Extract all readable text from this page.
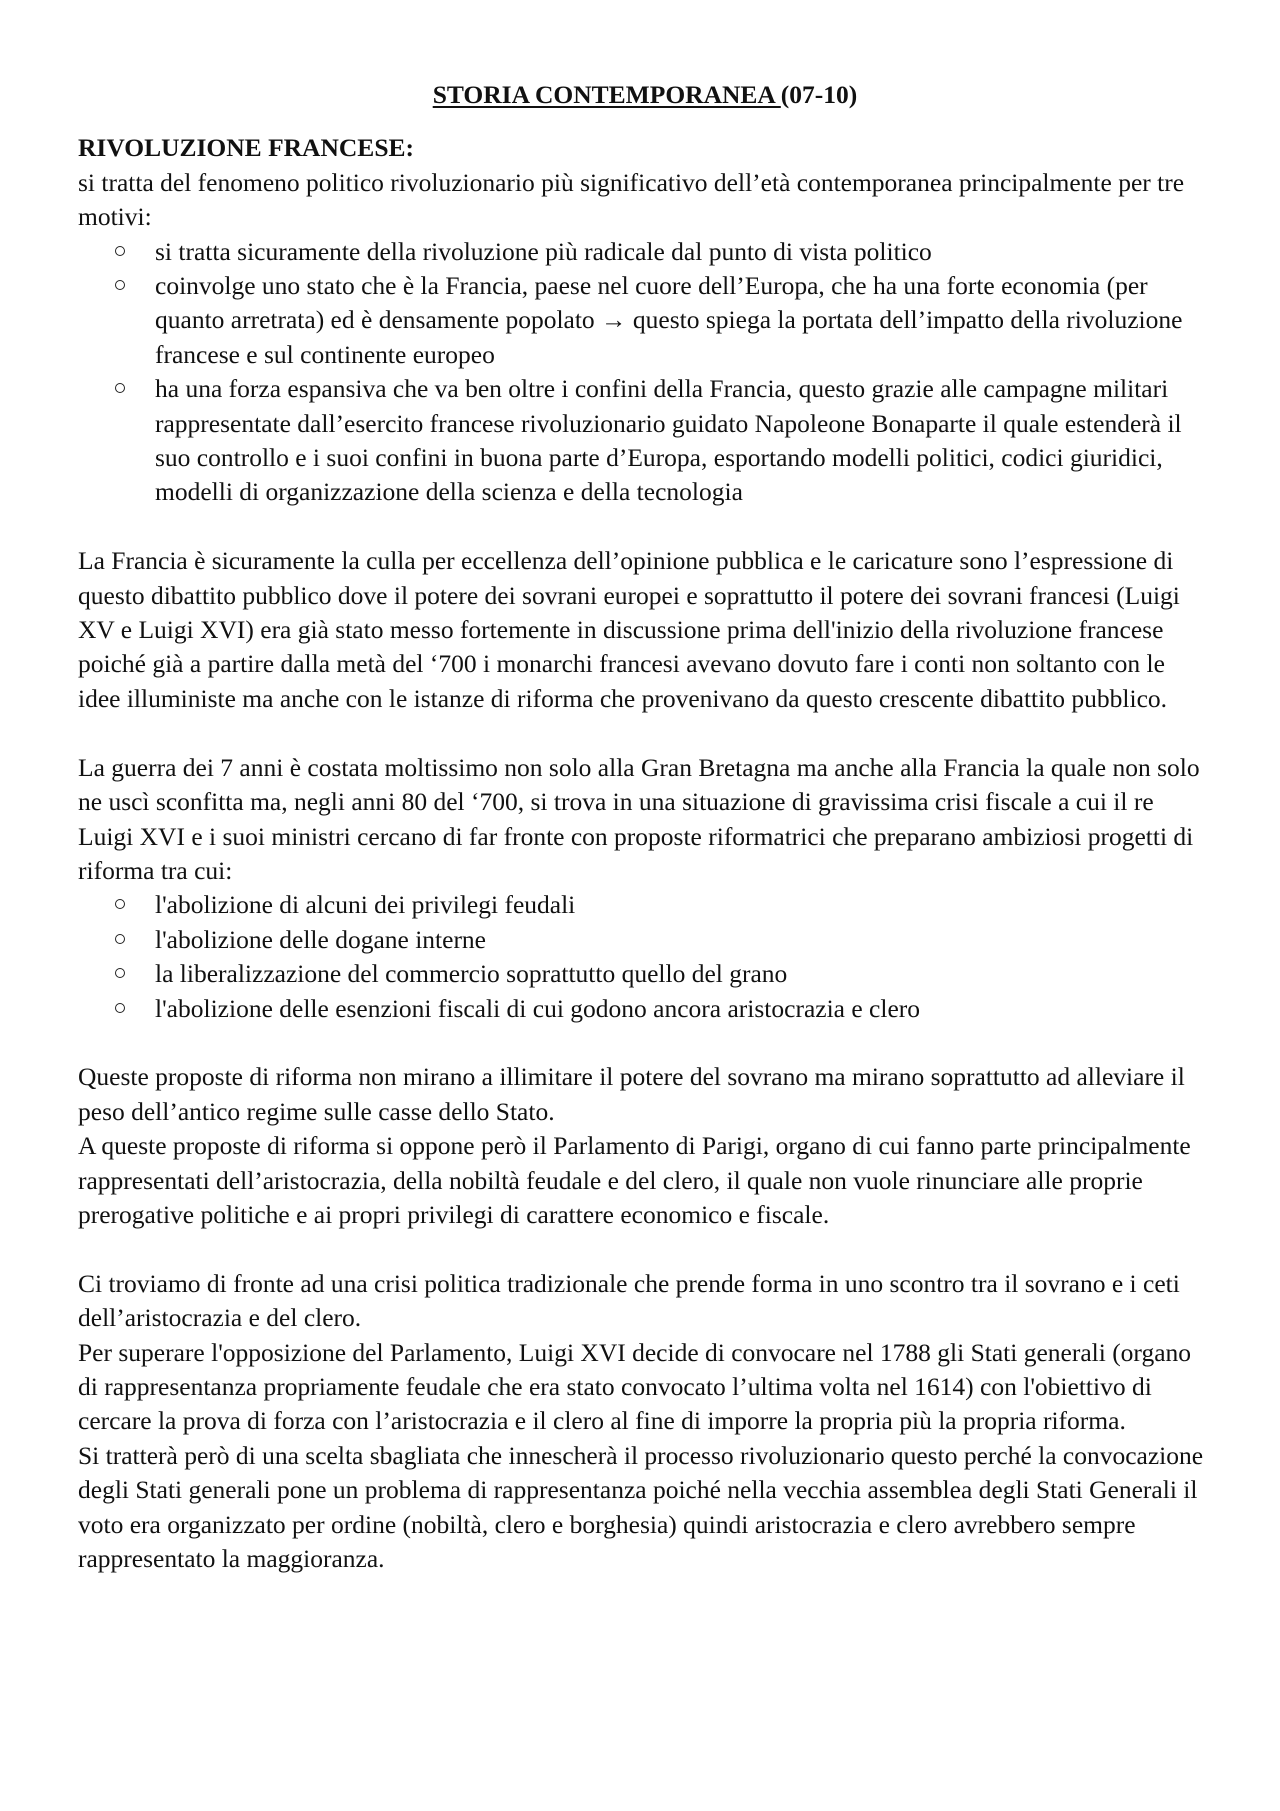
STORIA CONTEMPORANEA (07-10)

RIVOLUZIONE FRANCESE:

si tratta del fenomeno politico rivoluzionario più significativo dell’età contemporanea principalmente per tre motivi:

si tratta sicuramente della rivoluzione più radicale dal punto di vista politico
coinvolge uno stato che è la Francia, paese nel cuore dell’Europa, che ha una forte economia (per quanto arretrata) ed è densamente popolato → questo spiega la portata dell’impatto della rivoluzione francese e sul continente europeo
ha una forza espansiva che va ben oltre i confini della Francia, questo grazie alle campagne militari rappresentate dall’esercito francese rivoluzionario guidato Napoleone Bonaparte il quale estenderà il suo controllo e i suoi confini in buona parte d’Europa, esportando modelli politici, codici giuridici, modelli di organizzazione della scienza e della tecnologia

La Francia è sicuramente la culla per eccellenza dell’opinione pubblica e le caricature sono l’espressione di questo dibattito pubblico dove il potere dei sovrani europei e soprattutto il potere dei sovrani francesi (Luigi XV e Luigi XVI) era già stato messo fortemente in discussione prima dell'inizio della rivoluzione francese poiché già a partire dalla metà del ‘700 i monarchi francesi avevano dovuto fare i conti non soltanto con le idee illuministe ma anche con le istanze di riforma che provenivano da questo crescente dibattito pubblico.

La guerra dei 7 anni è costata moltissimo non solo alla Gran Bretagna ma anche alla Francia la quale non solo ne uscì sconfitta ma, negli anni 80 del ‘700, si trova in una situazione di gravissima crisi fiscale a cui il re Luigi XVI e i suoi ministri cercano di far fronte con proposte riformatrici che preparano ambiziosi progetti di riforma tra cui:

l'abolizione di alcuni dei privilegi feudali
l'abolizione delle dogane interne
la liberalizzazione del commercio soprattutto quello del grano
l'abolizione delle esenzioni fiscali di cui godono ancora aristocrazia e clero

Queste proposte di riforma non mirano a illimitare il potere del sovrano ma mirano soprattutto ad alleviare il peso dell’antico regime sulle casse dello Stato.

A queste proposte di riforma si oppone però il Parlamento di Parigi, organo di cui fanno parte principalmente rappresentati dell’aristocrazia, della nobiltà feudale e del clero, il quale non vuole rinunciare alle proprie prerogative politiche e ai propri privilegi di carattere economico e fiscale.

Ci troviamo di fronte ad una crisi politica tradizionale che prende forma in uno scontro tra il sovrano e i ceti dell’aristocrazia e del clero.

Per superare l'opposizione del Parlamento, Luigi XVI decide di convocare nel 1788 gli Stati generali (organo di rappresentanza propriamente feudale che era stato convocato l’ultima volta nel 1614) con l'obiettivo di cercare la prova di forza con l’aristocrazia e il clero al fine di imporre la propria più la propria riforma.

Si tratterà però di una scelta sbagliata che innescherà il processo rivoluzionario questo perché la convocazione degli Stati generali pone un problema di rappresentanza poiché nella vecchia assemblea degli Stati Generali il voto era organizzato per ordine (nobiltà, clero e borghesia) quindi aristocrazia e clero avrebbero sempre rappresentato la maggioranza.
